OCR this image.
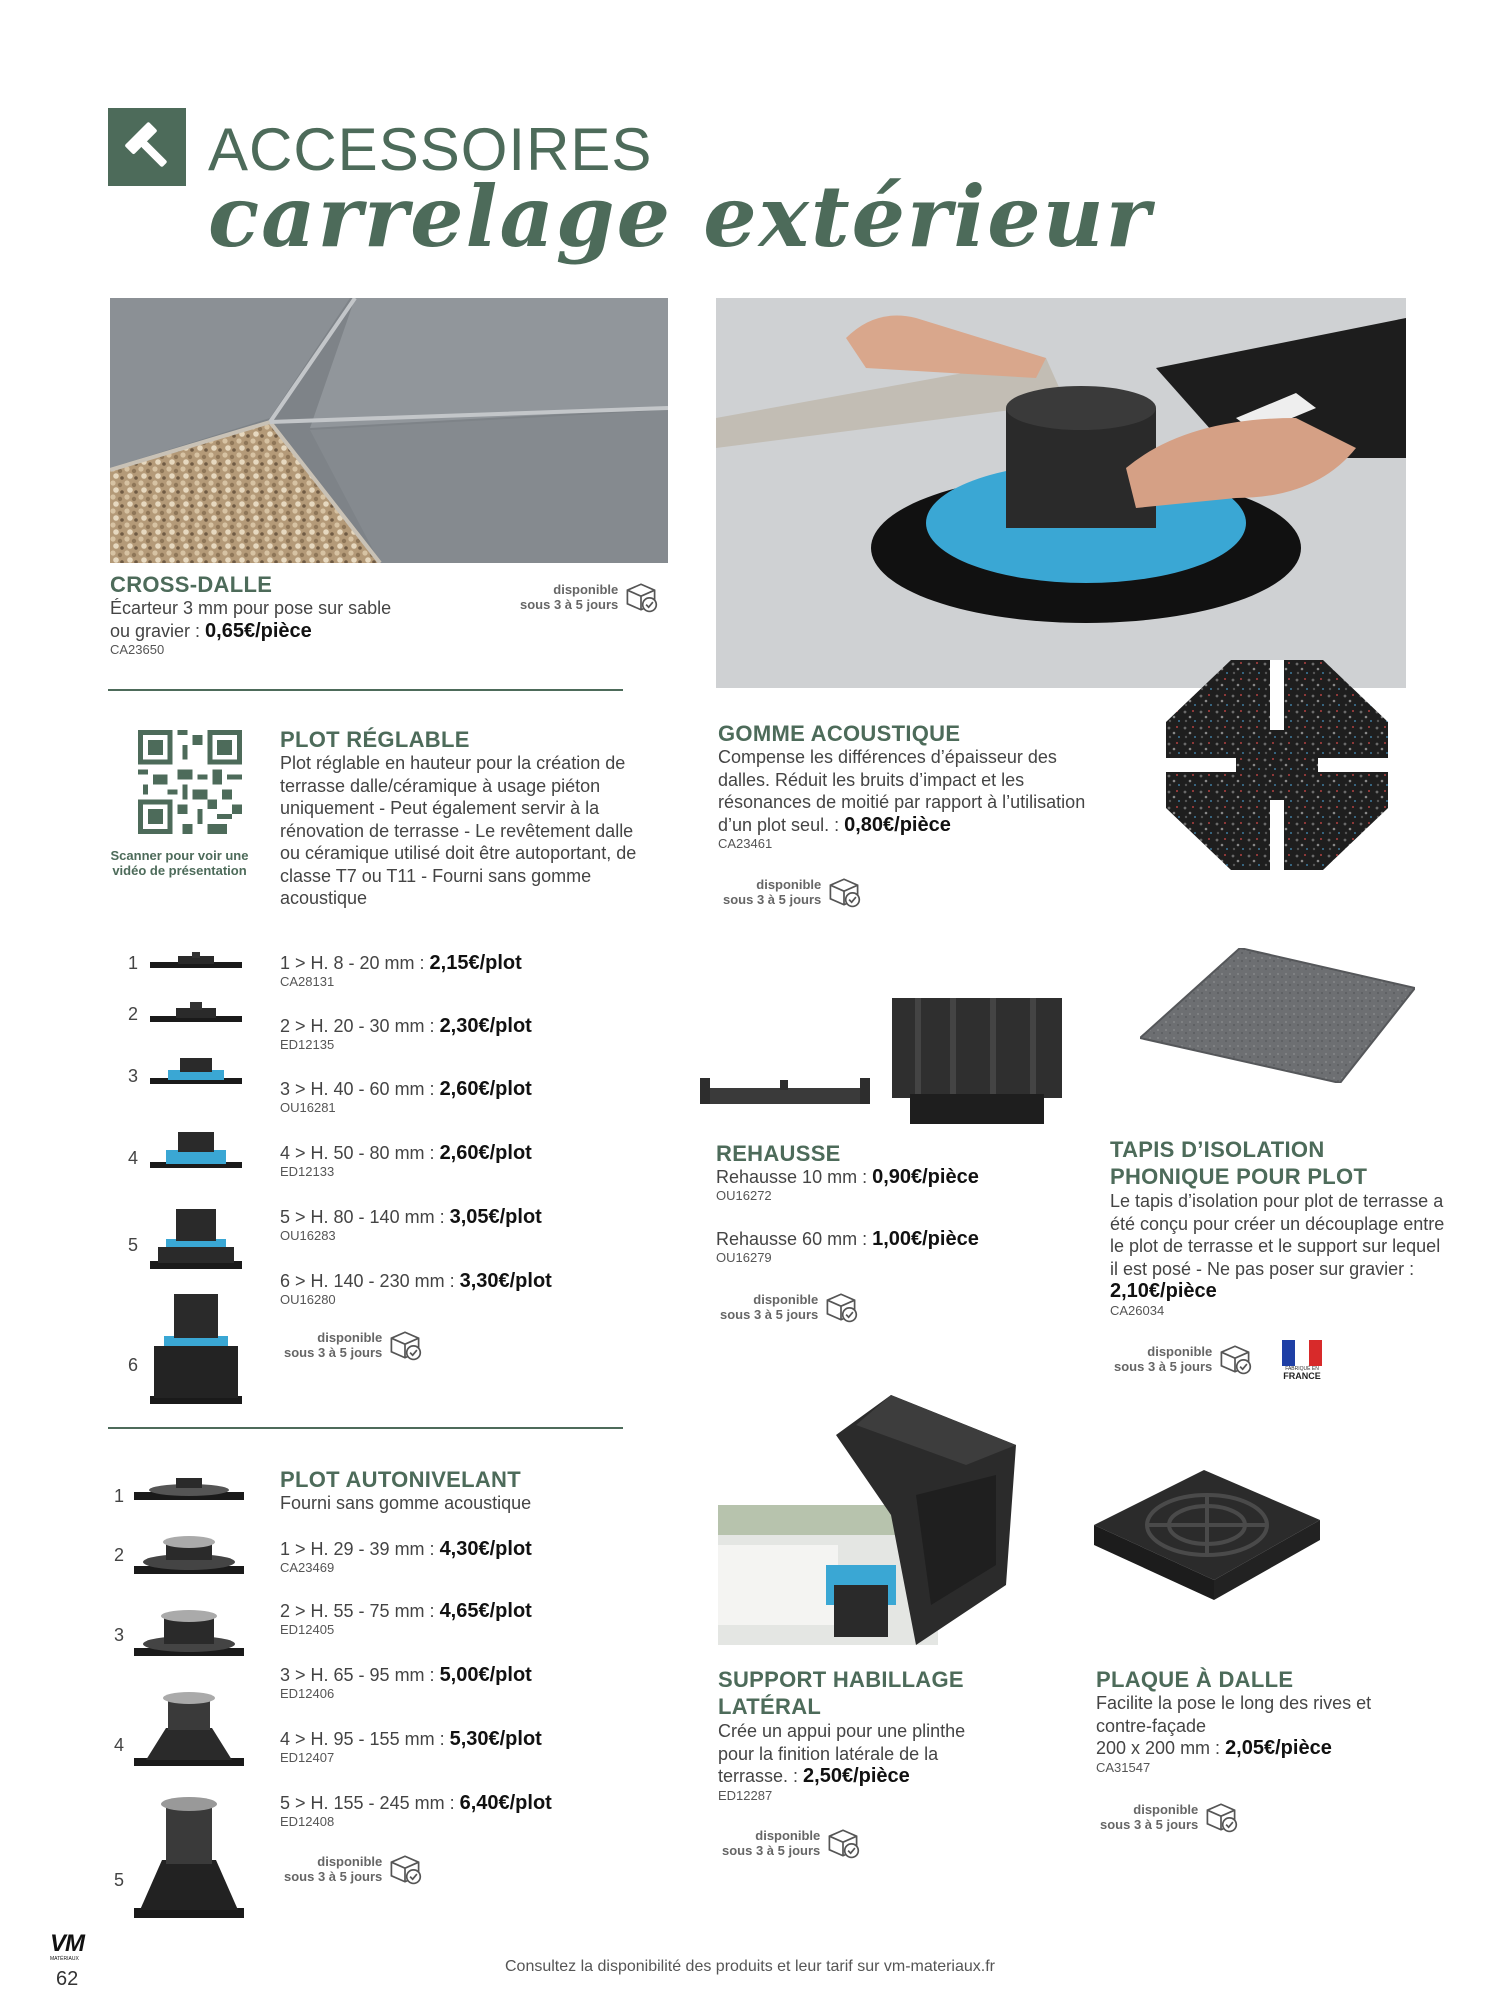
ACCESSOIRES
carrelage extérieur
CROSS-DALLE
Écarteur 3 mm pour pose sur sable ou gravier : 0,65€/pièce
CA23650
disponible
sous 3 à 5 jours
GOMME ACOUSTIQUE
Compense les différences d’épaisseur des dalles. Réduit les bruits d’impact et les résonances de moitié par rapport à l’utilisation d’un plot seul. : 0,80€/pièce
CA23461
disponible
sous 3 à 5 jours
Scanner pour voir une vidéo de présentation
PLOT RÉGLABLE
Plot réglable en hauteur pour la création de terrasse dalle/céramique à usage piéton uniquement - Peut également servir à la rénovation de terrasse - Le revêtement dalle ou céramique utilisé doit être autoportant, de classe T7 ou T11 - Fourni sans gomme acoustique
1
2
3
4
5
6
1 > H. 8 - 20 mm : 2,15€/plot
CA28131
2 > H. 20 - 30 mm : 2,30€/plot
ED12135
3 > H. 40 - 60 mm : 2,60€/plot
OU16281
4 > H. 50 - 80 mm : 2,60€/plot
ED12133
5 > H. 80 - 140 mm : 3,05€/plot
OU16283
6 > H. 140 - 230 mm : 3,30€/plot
OU16280
disponible
sous 3 à 5 jours
REHAUSSE
Rehausse 10 mm : 0,90€/pièce
OU16272
Rehausse 60 mm : 1,00€/pièce
OU16279
disponible
sous 3 à 5 jours
TAPIS D’ISOLATION PHONIQUE POUR PLOT
Le tapis d’isolation pour plot de terrasse a été conçu pour créer un découplage entre le plot de terrasse et le support sur lequel il est posé - Ne pas poser sur gravier : 2,10€/pièce
CA26034
disponible
sous 3 à 5 jours	FABRIQUÉ EN
FRANCE
1
2
3
4
5
PLOT AUTONIVELANT
Fourni sans gomme acoustique
1 > H. 29 - 39 mm : 4,30€/plot
CA23469
2 > H. 55 - 75 mm : 4,65€/plot
ED12405
3 > H. 65 - 95 mm : 5,00€/plot
ED12406
4 > H. 95 - 155 mm : 5,30€/plot
ED12407
5 > H. 155 - 245 mm : 6,40€/plot
ED12408
disponible
sous 3 à 5 jours
SUPPORT HABILLAGE LATÉRAL
Crée un appui pour une plinthe pour la finition latérale de la terrasse. : 2,50€/pièce
ED12287
disponible
sous 3 à 5 jours
PLAQUE À DALLE
Facilite la pose le long des rives et contre-façade
200 x 200 mm : 2,05€/pièce
CA31547
disponible
sous 3 à 5 jours
VM
MATÉRIAUX
62
Consultez la disponibilité des produits et leur tarif sur vm-materiaux.fr
